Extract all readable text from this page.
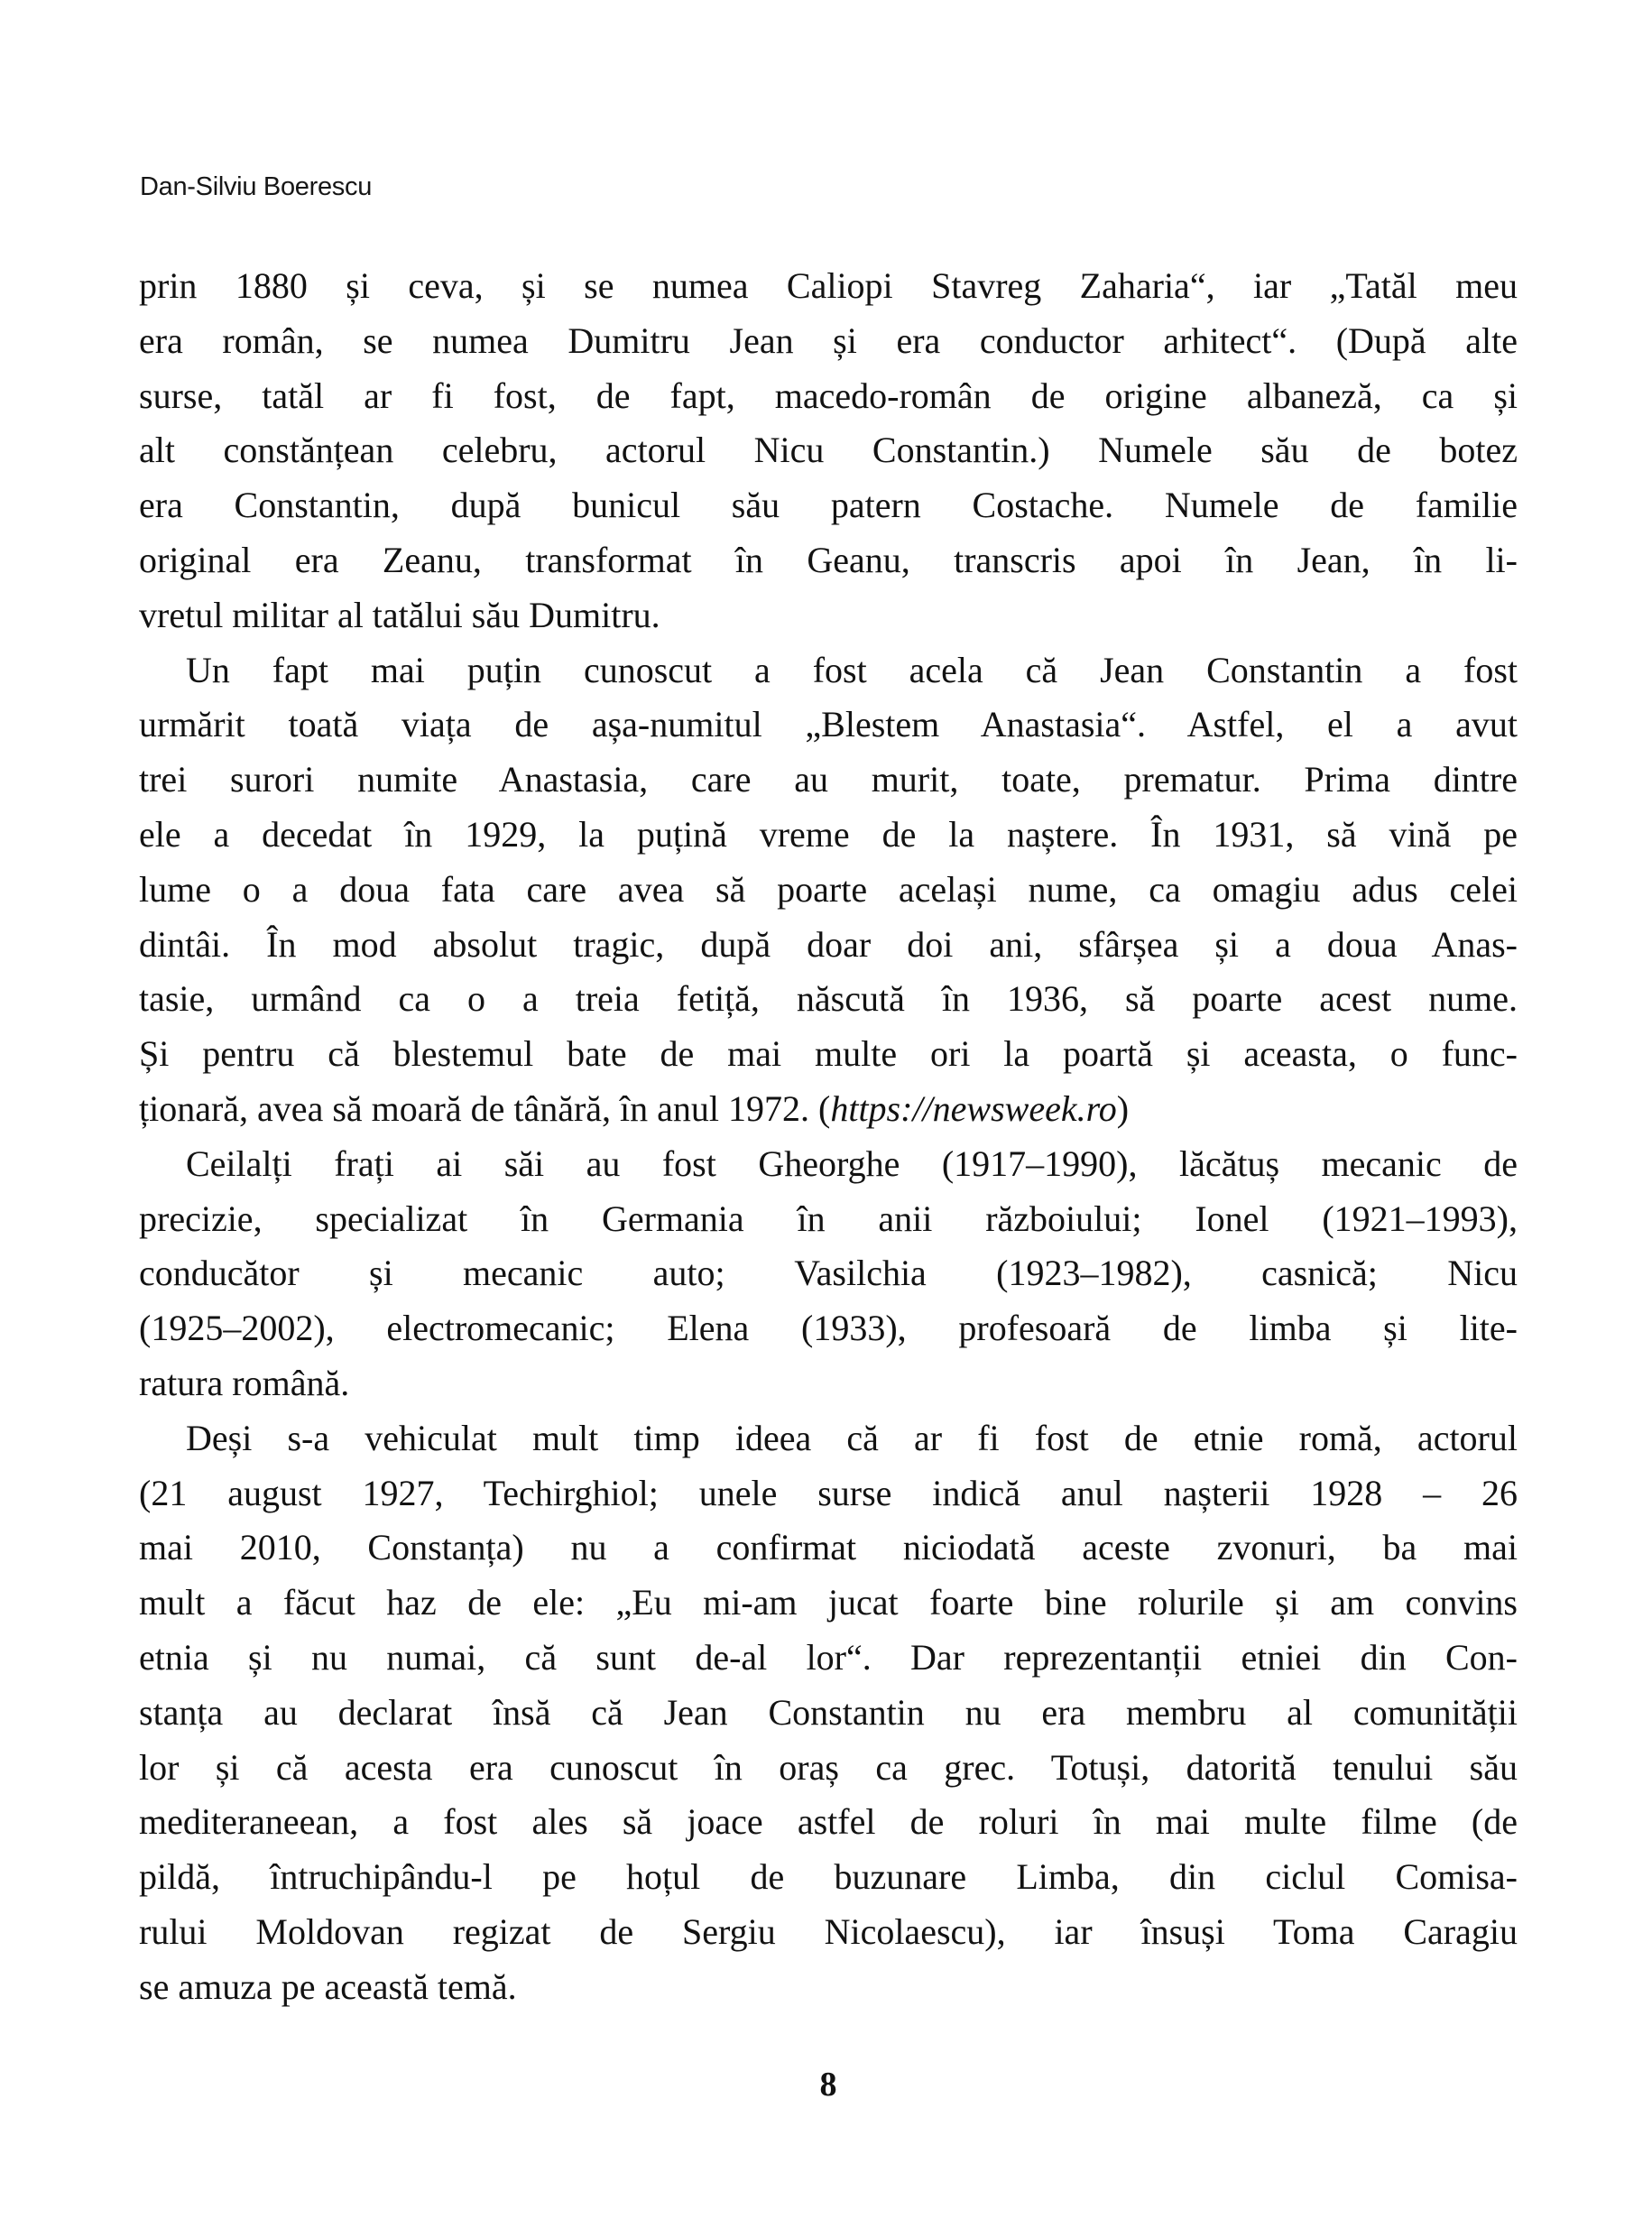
Dan-Silviu Boerescu
prin 1880 și ceva, și se numea Caliopi Stavreg Zaharia“, iar „Tatăl meu
era român, se numea Dumitru Jean și era conductor arhitect“. (După alte
surse, tatăl ar fi fost, de fapt, macedo-român de origine albaneză, ca și
alt constănțean celebru, actorul Nicu Constantin.) Numele său de botez
era Constantin, după bunicul său patern Costache. Numele de familie
original era Zeanu, transformat în Geanu, transcris apoi în Jean, în li-
vretul militar al tatălui său Dumitru.
Un fapt mai puțin cunoscut a fost acela că Jean Constantin a fost
urmărit toată viața de așa-numitul „Blestem Anastasia“. Astfel, el a avut
trei surori numite Anastasia, care au murit, toate, prematur. Prima dintre
ele a decedat în 1929, la puțină vreme de la naștere. În 1931, să vină pe
lume o a doua fata care avea să poarte același nume, ca omagiu adus celei
dintâi. În mod absolut tragic, după doar doi ani, sfârșea și a doua Anas-
tasie, urmând ca o a treia fetiță, născută în 1936, să poarte acest nume.
Și pentru că blestemul bate de mai multe ori la poartă și aceasta, o func-
ționară, avea să moară de tânără, în anul 1972. (https://newsweek.ro)
Ceilalți frați ai săi au fost Gheorghe (1917–1990), lăcătuș mecanic de
precizie, specializat în Germania în anii războiului; Ionel (1921–1993),
conducător și mecanic auto; Vasilchia (1923–1982), casnică; Nicu
(1925–2002), electromecanic; Elena (1933), profesoară de limba și lite-
ratura română.
Deși s-a vehiculat mult timp ideea că ar fi fost de etnie romă, actorul
(21 august 1927, Techirghiol; unele surse indică anul nașterii 1928 – 26
mai 2010, Constanța) nu a confirmat niciodată aceste zvonuri, ba mai
mult a făcut haz de ele: „Eu mi-am jucat foarte bine rolurile și am convins
etnia și nu numai, că sunt de-al lor“. Dar reprezentanții etniei din Con-
stanța au declarat însă că Jean Constantin nu era membru al comunității
lor și că acesta era cunoscut în oraș ca grec. Totuși, datorită tenului său
mediteraneean, a fost ales să joace astfel de roluri în mai multe filme (de
pildă, întruchipându-l pe hoțul de buzunare Limba, din ciclul Comisa-
rului Moldovan regizat de Sergiu Nicolaescu), iar însuși Toma Caragiu
se amuza pe această temă.
8
